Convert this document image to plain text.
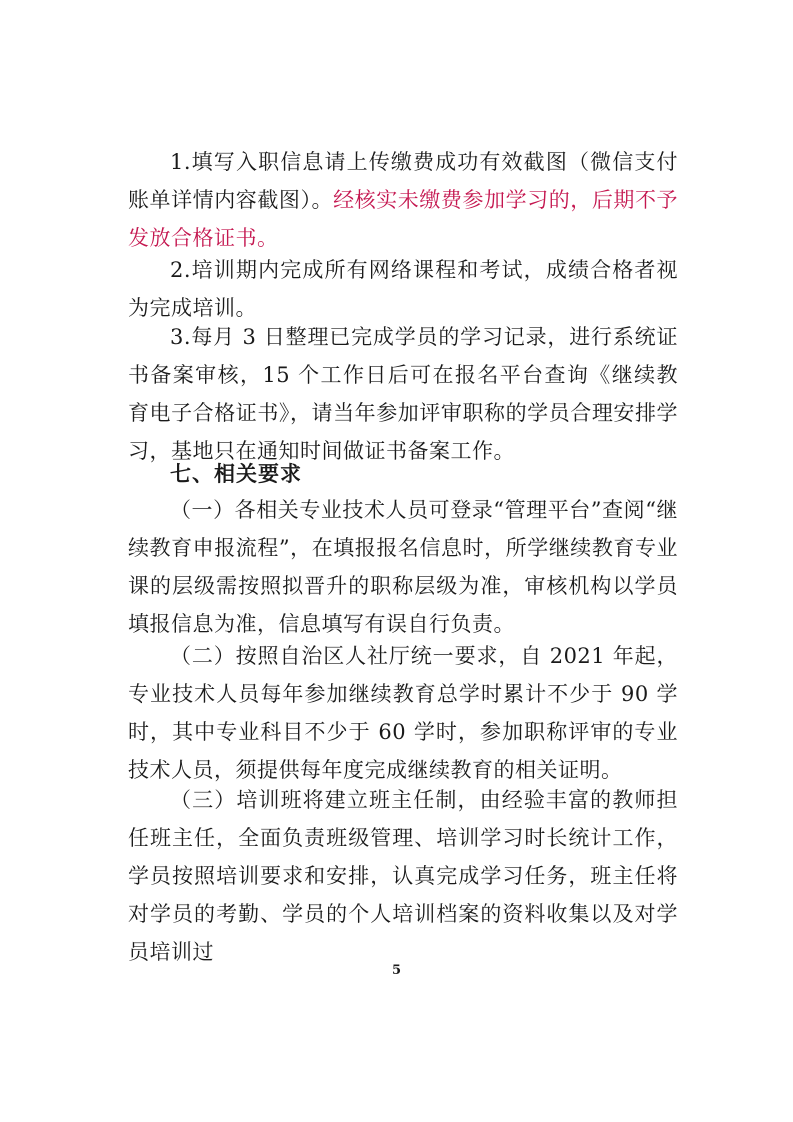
1.填写入职信息请上传缴费成功有效截图（微信支付账单详情内容截图）。经核实未缴费参加学习的，后期不予发放合格证书。

2.培训期内完成所有网络课程和考试，成绩合格者视为完成培训。

3.每月 3 日整理已完成学员的学习记录，进行系统证书备案审核，15 个工作日后可在报名平台查询《继续教育电子合格证书》，请当年参加评审职称的学员合理安排学习，基地只在通知时间做证书备案工作。

七、相关要求

（一）各相关专业技术人员可登录“管理平台”查阅“继续教育申报流程”，在填报报名信息时，所学继续教育专业课的层级需按照拟晋升的职称层级为准，审核机构以学员填报信息为准，信息填写有误自行负责。

（二）按照自治区人社厅统一要求，自 2021 年起，专业技术人员每年参加继续教育总学时累计不少于 90 学时，其中专业科目不少于 60 学时，参加职称评审的专业技术人员，须提供每年度完成继续教育的相关证明。

（三）培训班将建立班主任制，由经验丰富的教师担任班主任，全面负责班级管理、培训学习时长统计工作，学员按照培训要求和安排，认真完成学习任务，班主任将对学员的考勤、学员的个人培训档案的资料收集以及对学员培训过

5
